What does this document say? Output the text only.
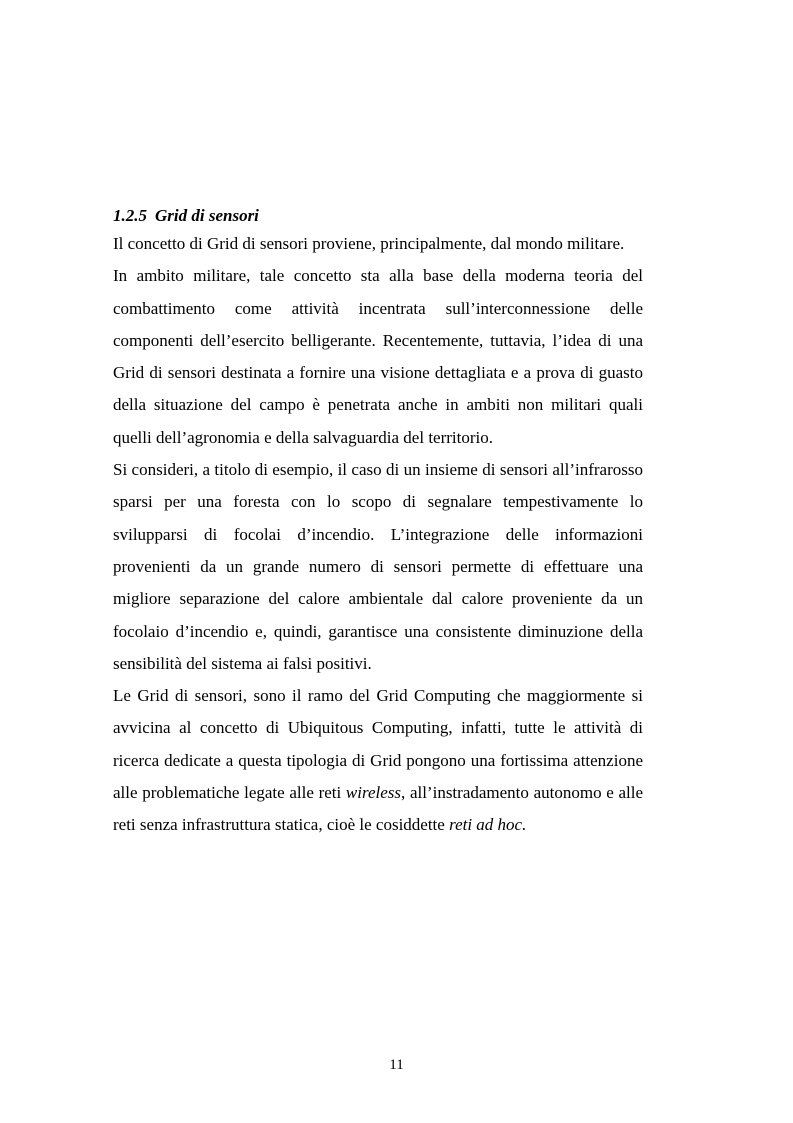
1.2.5 Grid di sensori

Il concetto di Grid di sensori proviene, principalmente, dal mondo militare.

In ambito militare, tale concetto sta alla base della moderna teoria del combattimento come attività incentrata sull’interconnessione delle componenti dell’esercito belligerante. Recentemente, tuttavia, l’idea di una Grid di sensori destinata a fornire una visione dettagliata e a prova di guasto della situazione del campo è penetrata anche in ambiti non militari quali quelli dell’agronomia e della salvaguardia del territorio.

Si consideri, a titolo di esempio, il caso di un insieme di sensori all’infrarosso sparsi per una foresta con lo scopo di segnalare tempestivamente lo svilupparsi di focolai d’incendio. L’integrazione delle informazioni provenienti da un grande numero di sensori permette di effettuare una migliore separazione del calore ambientale dal calore proveniente da un focolaio d’incendio e, quindi, garantisce una consistente diminuzione della sensibilità del sistema ai falsi positivi.

Le Grid di sensori, sono il ramo del Grid Computing che maggiormente si avvicina al concetto di Ubiquitous Computing, infatti, tutte le attività di ricerca dedicate a questa tipologia di Grid pongono una fortissima attenzione alle problematiche legate alle reti wireless, all’instradamento autonomo e alle reti senza infrastruttura statica, cioè le cosiddette reti ad hoc.

11
